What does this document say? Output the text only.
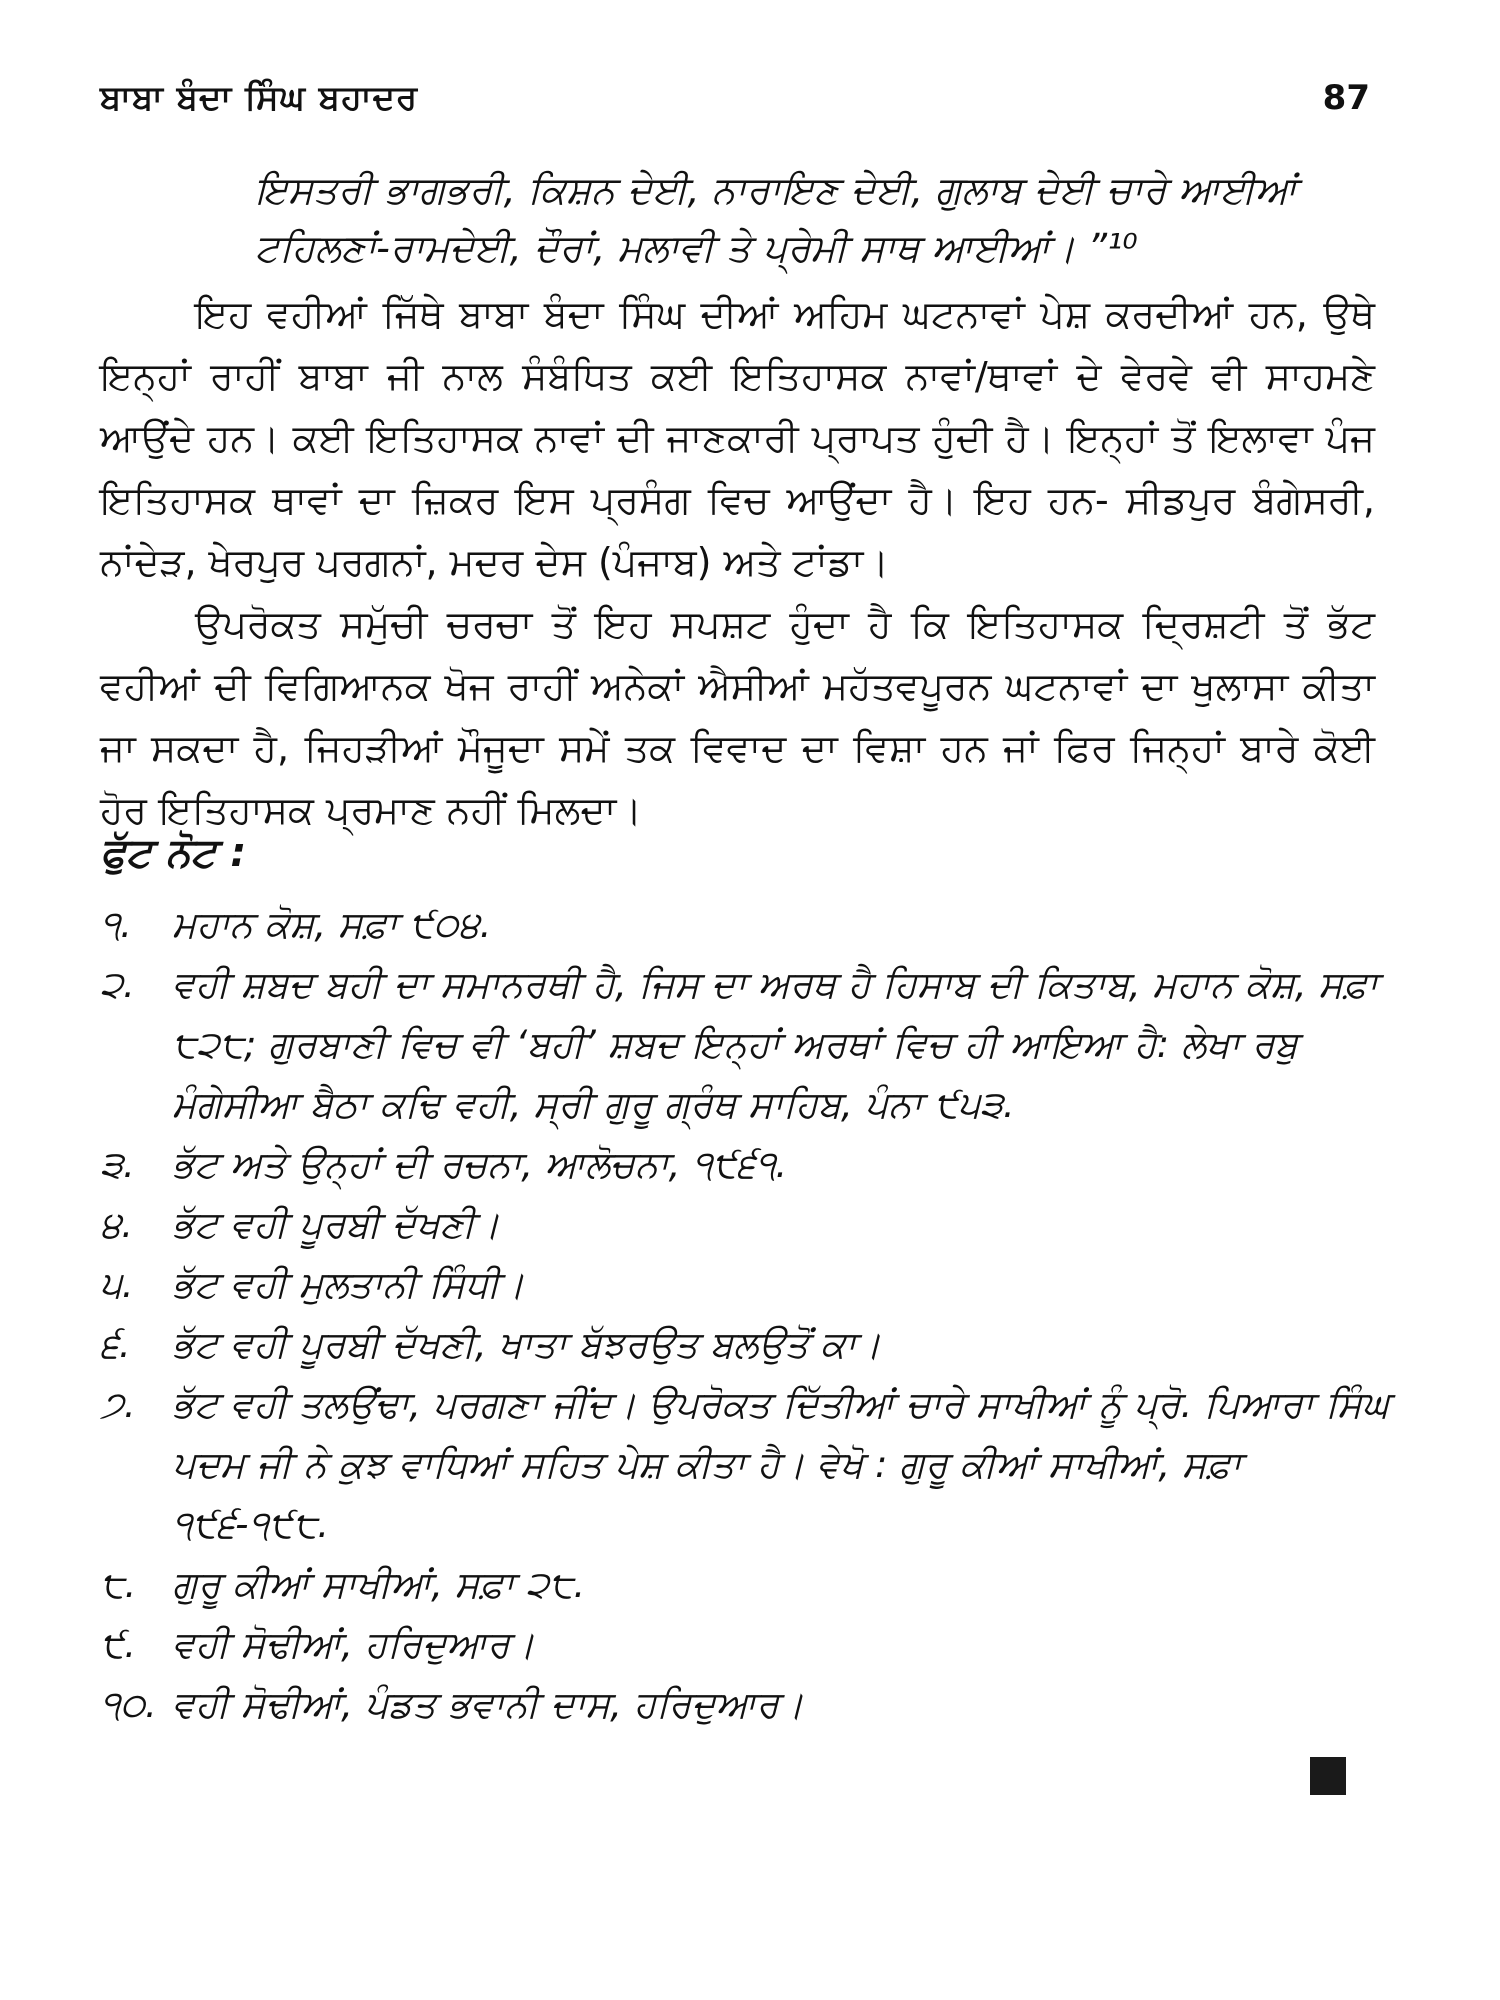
ਬਾਬਾ ਬੰਦਾ ਸਿੰਘ ਬਹਾਦਰ	87
ਇਸਤਰੀ ਭਾਗਭਰੀ, ਕਿਸ਼ਨ ਦੇਈ, ਨਾਰਾਇਣ ਦੇਈ, ਗੁਲਾਬ ਦੇਈ ਚਾਰੇ ਆਈਆਂ
ਟਹਿਲਣਾਂ-ਰਾਮਦੇਈ, ਦੌਰਾਂ, ਮਲਾਵੀ ਤੇ ਪ੍ਰੇਮੀ ਸਾਥ ਆਈਆਂ। ”¹⁰

ਇਹ ਵਹੀਆਂ ਜਿੱਥੇ ਬਾਬਾ ਬੰਦਾ ਸਿੰਘ ਦੀਆਂ ਅਹਿਮ ਘਟਨਾਵਾਂ ਪੇਸ਼ ਕਰਦੀਆਂ ਹਨ, ਉਥੇ ਇਨ੍ਹਾਂ ਰਾਹੀਂ ਬਾਬਾ ਜੀ ਨਾਲ ਸੰਬੰਧਿਤ ਕਈ ਇਤਿਹਾਸਕ ਨਾਵਾਂ/ਥਾਵਾਂ ਦੇ ਵੇਰਵੇ ਵੀ ਸਾਹਮਣੇ ਆਉਂਦੇ ਹਨ। ਕਈ ਇਤਿਹਾਸਕ ਨਾਵਾਂ ਦੀ ਜਾਣਕਾਰੀ ਪ੍ਰਾਪਤ ਹੁੰਦੀ ਹੈ। ਇਨ੍ਹਾਂ ਤੋਂ ਇਲਾਵਾ ਪੰਜ ਇਤਿਹਾਸਕ ਥਾਵਾਂ ਦਾ ਜ਼ਿਕਰ ਇਸ ਪ੍ਰਸੰਗ ਵਿਚ ਆਉਂਦਾ ਹੈ। ਇਹ ਹਨ- ਸੀਡਪੁਰ ਬੰਗੇਸਰੀ, ਨਾਂਦੇੜ, ਖੇਰਪੁਰ ਪਰਗਨਾਂ, ਮਦਰ ਦੇਸ (ਪੰਜਾਬ) ਅਤੇ ਟਾਂਡਾ।

ਉਪਰੋਕਤ ਸਮੁੱਚੀ ਚਰਚਾ ਤੋਂ ਇਹ ਸਪਸ਼ਟ ਹੁੰਦਾ ਹੈ ਕਿ ਇਤਿਹਾਸਕ ਦ੍ਰਿਸ਼ਟੀ ਤੋਂ ਭੱਟ ਵਹੀਆਂ ਦੀ ਵਿਗਿਆਨਕ ਖੋਜ ਰਾਹੀਂ ਅਨੇਕਾਂ ਐਸੀਆਂ ਮਹੱਤਵਪੂਰਨ ਘਟਨਾਵਾਂ ਦਾ ਖੁਲਾਸਾ ਕੀਤਾ ਜਾ ਸਕਦਾ ਹੈ, ਜਿਹੜੀਆਂ ਮੌਜੂਦਾ ਸਮੇਂ ਤਕ ਵਿਵਾਦ ਦਾ ਵਿਸ਼ਾ ਹਨ ਜਾਂ ਫਿਰ ਜਿਨ੍ਹਾਂ ਬਾਰੇ ਕੋਈ ਹੋਰ ਇਤਿਹਾਸਕ ਪ੍ਰਮਾਣ ਨਹੀਂ ਮਿਲਦਾ।

ਫੁੱਟ ਨੋਟ :
੧.	ਮਹਾਨ ਕੋਸ਼, ਸਫ਼ਾ ੯੦੪.
੨.	ਵਹੀ ਸ਼ਬਦ ਬਹੀ ਦਾ ਸਮਾਨਰਥੀ ਹੈ, ਜਿਸ ਦਾ ਅਰਥ ਹੈ ਹਿਸਾਬ ਦੀ ਕਿਤਾਬ, ਮਹਾਨ ਕੋਸ਼, ਸਫ਼ਾ ੮੨੮; ਗੁਰਬਾਣੀ ਵਿਚ ਵੀ ‘ਬਹੀ’ ਸ਼ਬਦ ਇਨ੍ਹਾਂ ਅਰਥਾਂ ਵਿਚ ਹੀ ਆਇਆ ਹੈ: ਲੇਖਾ ਰਬੁ ਮੰਗੇਸੀਆ ਬੈਠਾ ਕਢਿ ਵਹੀ, ਸ੍ਰੀ ਗੁਰੂ ਗ੍ਰੰਥ ਸਾਹਿਬ, ਪੰਨਾ ੯੫੩.
੩.	ਭੱਟ ਅਤੇ ਉਨ੍ਹਾਂ ਦੀ ਰਚਨਾ, ਆਲੋਚਨਾ, ੧੯੬੧.
੪.	ਭੱਟ ਵਹੀ ਪੂਰਬੀ ਦੱਖਣੀ।
੫.	ਭੱਟ ਵਹੀ ਮੁਲਤਾਨੀ ਸਿੰਧੀ।
੬.	ਭੱਟ ਵਹੀ ਪੂਰਬੀ ਦੱਖਣੀ, ਖਾਤਾ ਬੱਝਰਉਤ ਬਲਉਤੋਂ ਕਾ।
੭. ਭੱਟ ਵਹੀ ਤਲਉਂਢਾ, ਪਰਗਣਾ ਜੀਂਦ। ਉਪਰੋਕਤ ਦਿੱਤੀਆਂ ਚਾਰੇ ਸਾਖੀਆਂ ਨੂੰ ਪ੍ਰੋ. ਪਿਆਰਾ ਸਿੰਘ ਪਦਮ ਜੀ ਨੇ ਕੁਝ ਵਾਧਿਆਂ ਸਹਿਤ ਪੇਸ਼ ਕੀਤਾ ਹੈ। ਵੇਖੋ : ਗੁਰੂ ਕੀਆਂ ਸਾਖੀਆਂ, ਸਫ਼ਾ ੧੯੬-੧੯੮.
੮. ਗੁਰੂ ਕੀਆਂ ਸਾਖੀਆਂ, ਸਫ਼ਾ ੨੮.
੯. ਵਹੀ ਸੋਢੀਆਂ, ਹਰਿਦੁਆਰ।
੧੦. ਵਹੀ ਸੋਢੀਆਂ, ਪੰਡਤ ਭਵਾਨੀ ਦਾਸ, ਹਰਿਦੁਆਰ।
